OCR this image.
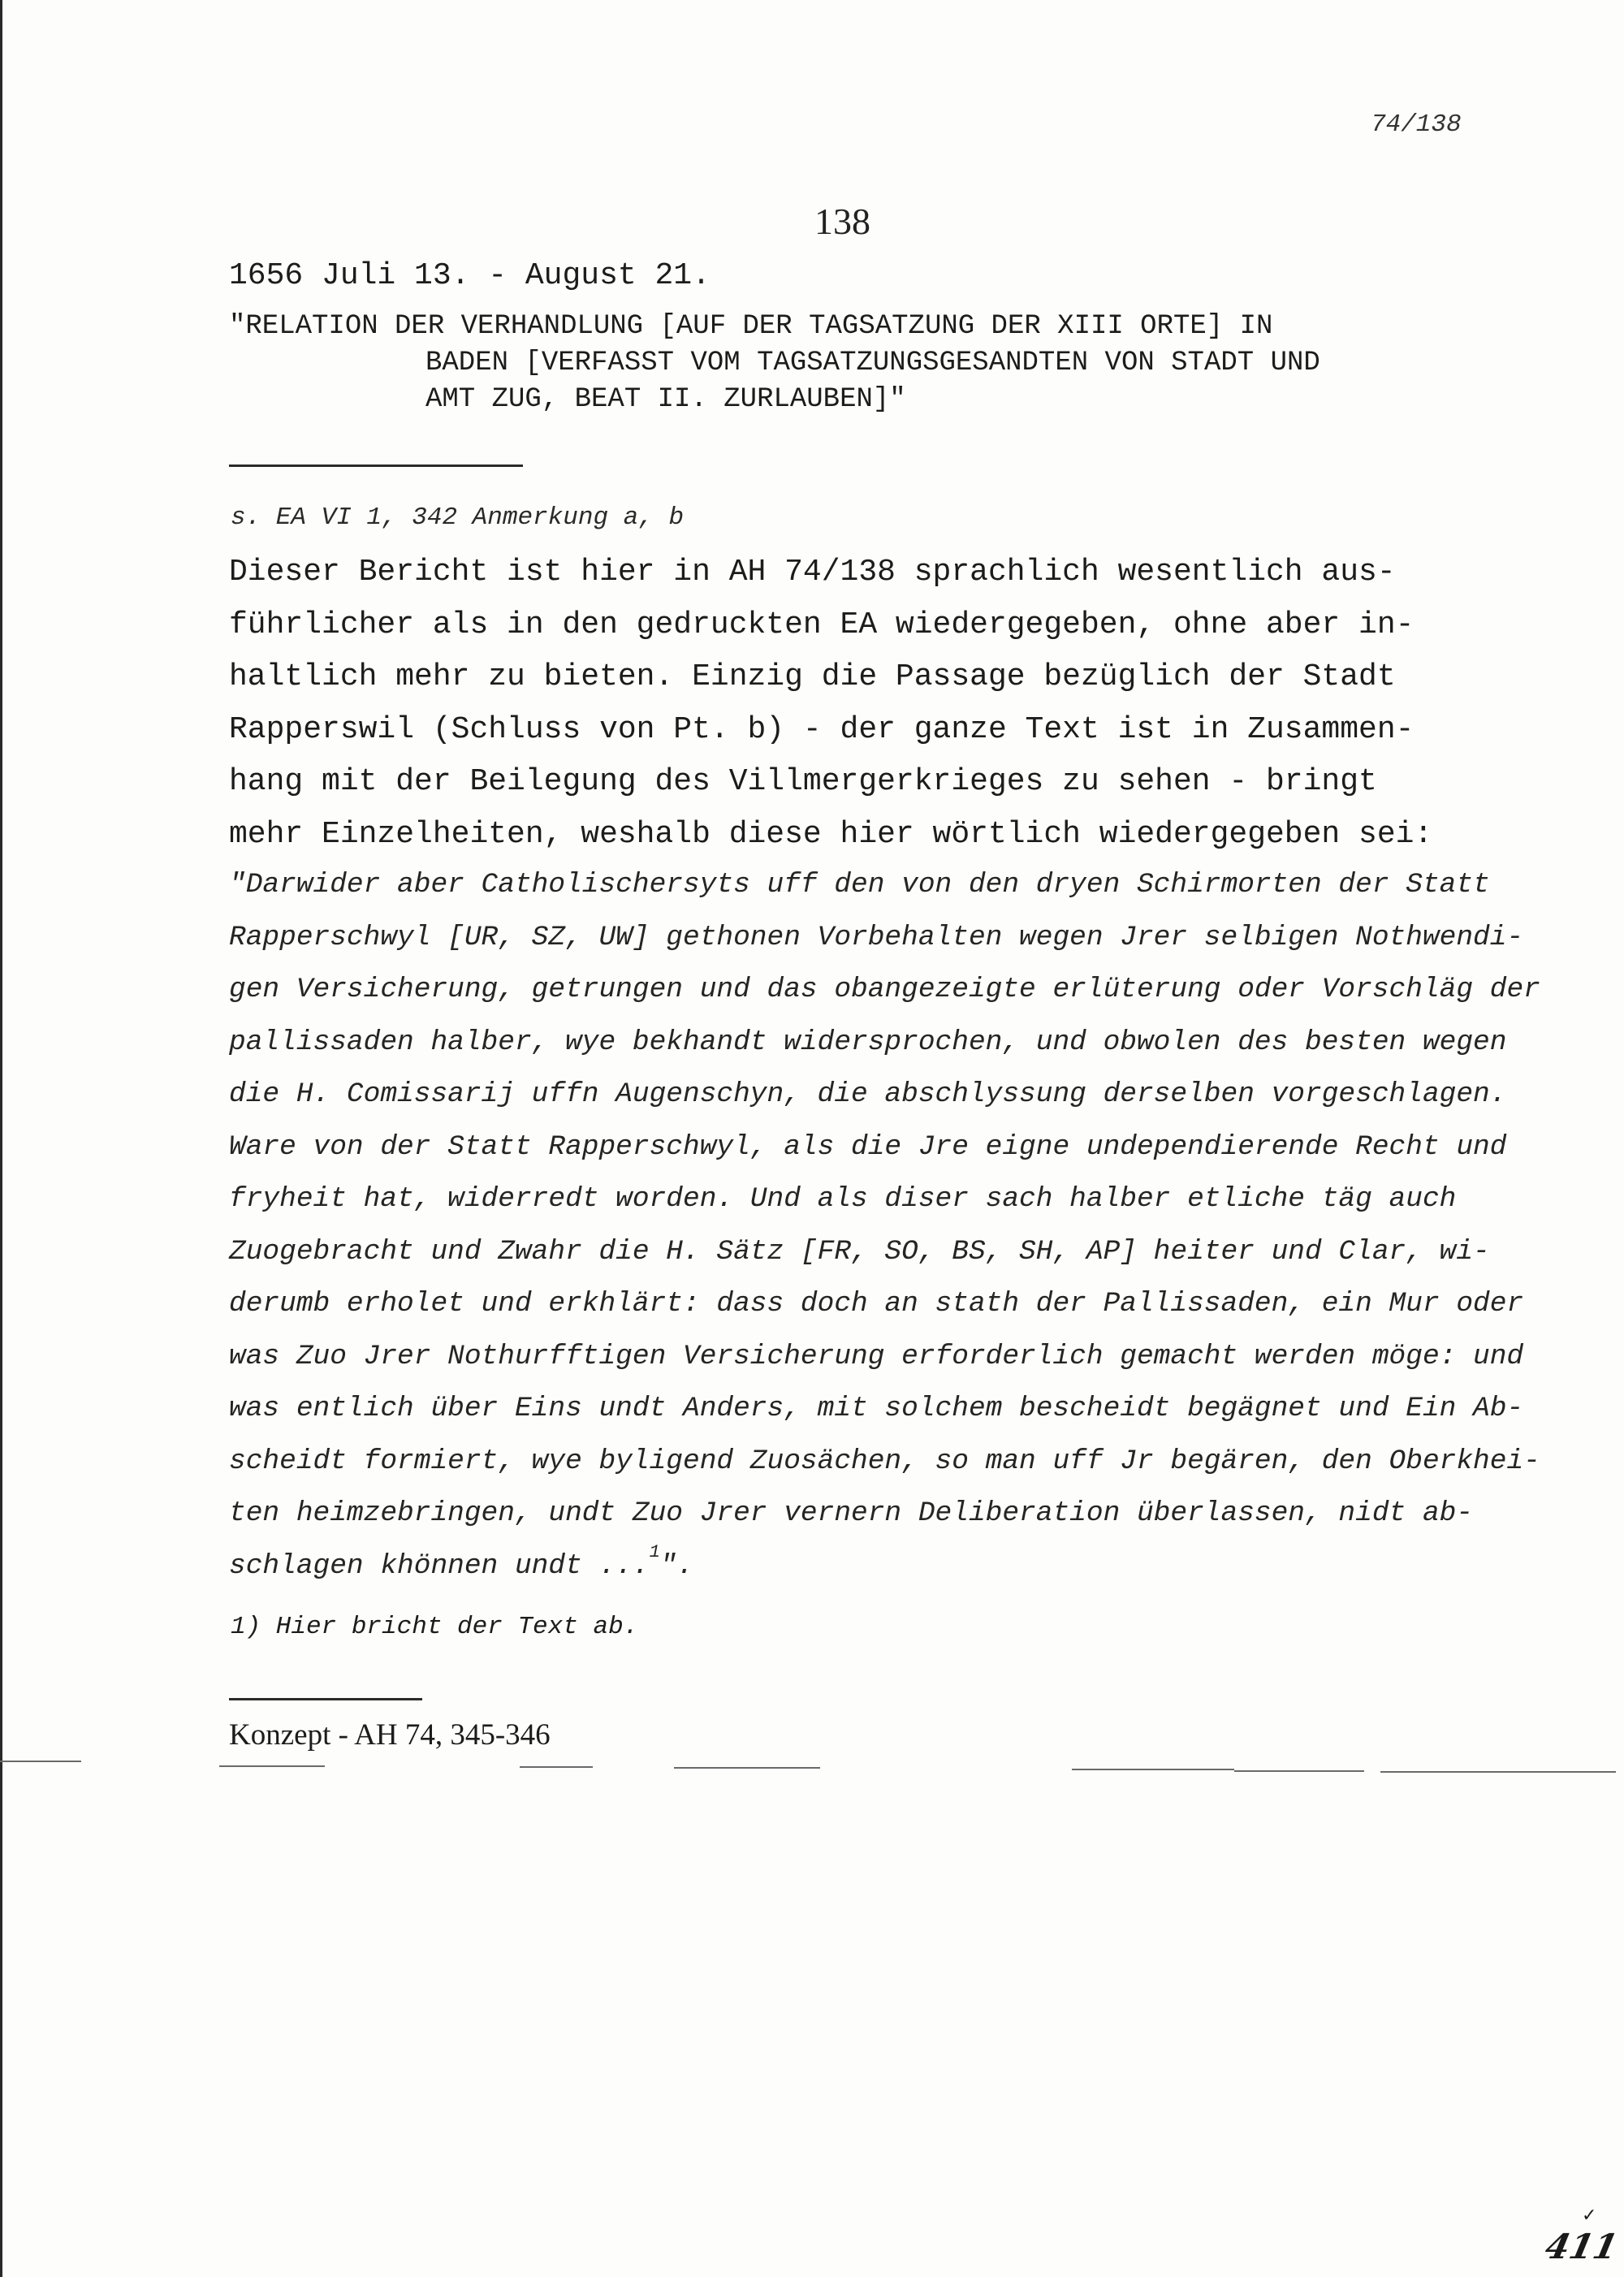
74/138
138
1656 Juli 13. - August 21.
"RELATION DER VERHANDLUNG [AUF DER TAGSATZUNG DER XIII ORTE] IN
BADEN [VERFASST VOM TAGSATZUNGSGESANDTEN VON STADT UND
AMT ZUG, BEAT II. ZURLAUBEN]"
s. EA VI 1, 342 Anmerkung a, b
Dieser Bericht ist hier in AH 74/138 sprachlich wesentlich aus-
führlicher als in den gedruckten EA wiedergegeben, ohne aber in-
haltlich mehr zu bieten. Einzig die Passage bezüglich der Stadt
Rapperswil (Schluss von Pt. b) - der ganze Text ist in Zusammen-
hang mit der Beilegung des Villmergerkrieges zu sehen - bringt
mehr Einzelheiten, weshalb diese hier wörtlich wiedergegeben sei:
"Darwider aber Catholischersyts uff den von den dryen Schirmorten der Statt
Rapperschwyl [UR, SZ, UW] gethonen Vorbehalten wegen Jrer selbigen Nothwendi-
gen Versicherung, getrungen und das obangezeigte erlüterung oder Vorschläg der
pallissaden halber, wye bekhandt widersprochen, und obwolen des besten wegen
die H. Comissarij uffn Augenschyn, die abschlyssung derselben vorgeschlagen.
Ware von der Statt Rapperschwyl, als die Jre eigne undependierende Recht und
fryheit hat, widerredt worden. Und als diser sach halber etliche täg auch
Zuogebracht und Zwahr die H. Sätz [FR, SO, BS, SH, AP] heiter und Clar, wi-
derumb erholet und erkhlärt: dass doch an stath der Pallissaden, ein Mur oder
was Zuo Jrer Nothurfftigen Versicherung erforderlich gemacht werden möge: und
was entlich über Eins undt Anders, mit solchem bescheidt begägnet und Ein Ab-
scheidt formiert, wye byligend Zuosächen, so man uff Jr begären, den Oberkhei-
ten heimzebringen, undt Zuo Jrer vernern Deliberation überlassen, nidt ab-
schlagen khönnen undt ...$^1$".
1) Hier bricht der Text ab.
Konzept - AH 74, 345-346
✓
411
